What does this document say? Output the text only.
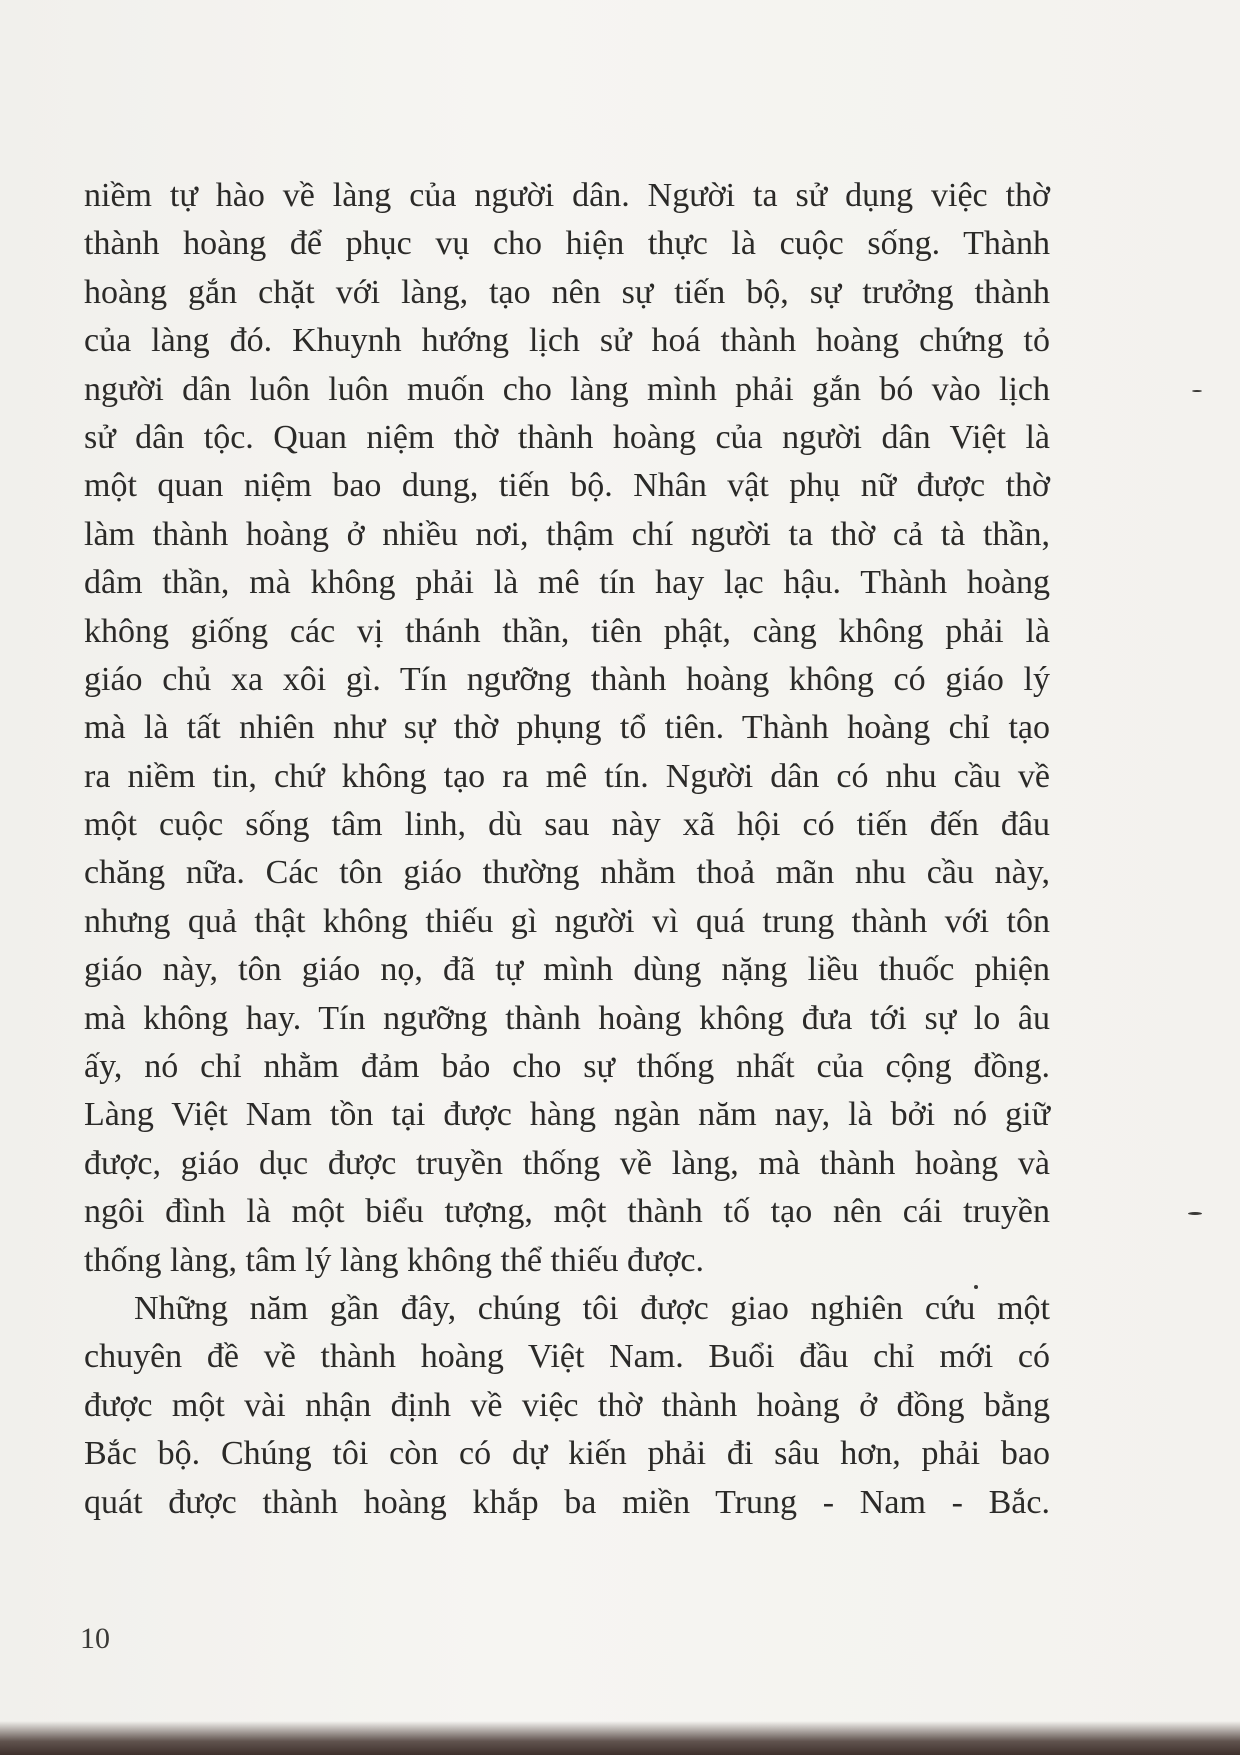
niềm tự hào về làng của người dân. Người ta sử dụng việc thờ
thành hoàng để phục vụ cho hiện thực là cuộc sống. Thành
hoàng gắn chặt với làng, tạo nên sự tiến bộ, sự trưởng thành
của làng đó. Khuynh hướng lịch sử hoá thành hoàng chứng tỏ
người dân luôn luôn muốn cho làng mình phải gắn bó vào lịch
sử dân tộc. Quan niệm thờ thành hoàng của người dân Việt là
một quan niệm bao dung, tiến bộ. Nhân vật phụ nữ được thờ
làm thành hoàng ở nhiều nơi, thậm chí người ta thờ cả tà thần,
dâm thần, mà không phải là mê tín hay lạc hậu. Thành hoàng
không giống các vị thánh thần, tiên phật, càng không phải là
giáo chủ xa xôi gì. Tín ngưỡng thành hoàng không có giáo lý
mà là tất nhiên như sự thờ phụng tổ tiên. Thành hoàng chỉ tạo
ra niềm tin, chứ không tạo ra mê tín. Người dân có nhu cầu về
một cuộc sống tâm linh, dù sau này xã hội có tiến đến đâu
chăng nữa. Các tôn giáo thường nhằm thoả mãn nhu cầu này,
nhưng quả thật không thiếu gì người vì quá trung thành với tôn
giáo này, tôn giáo nọ, đã tự mình dùng nặng liều thuốc phiện
mà không hay. Tín ngưỡng thành hoàng không đưa tới sự lo âu
ấy, nó chỉ nhằm đảm bảo cho sự thống nhất của cộng đồng.
Làng Việt Nam tồn tại được hàng ngàn năm nay, là bởi nó giữ
được, giáo dục được truyền thống về làng, mà thành hoàng và
ngôi đình là một biểu tượng, một thành tố tạo nên cái truyền
thống làng, tâm lý làng không thể thiếu được.
Những năm gần đây, chúng tôi được giao nghiên cứu một
chuyên đề về thành hoàng Việt Nam. Buổi đầu chỉ mới có
được một vài nhận định về việc thờ thành hoàng ở đồng bằng
Bắc bộ. Chúng tôi còn có dự kiến phải đi sâu hơn, phải bao
quát được thành hoàng khắp ba miền Trung - Nam - Bắc.
10
